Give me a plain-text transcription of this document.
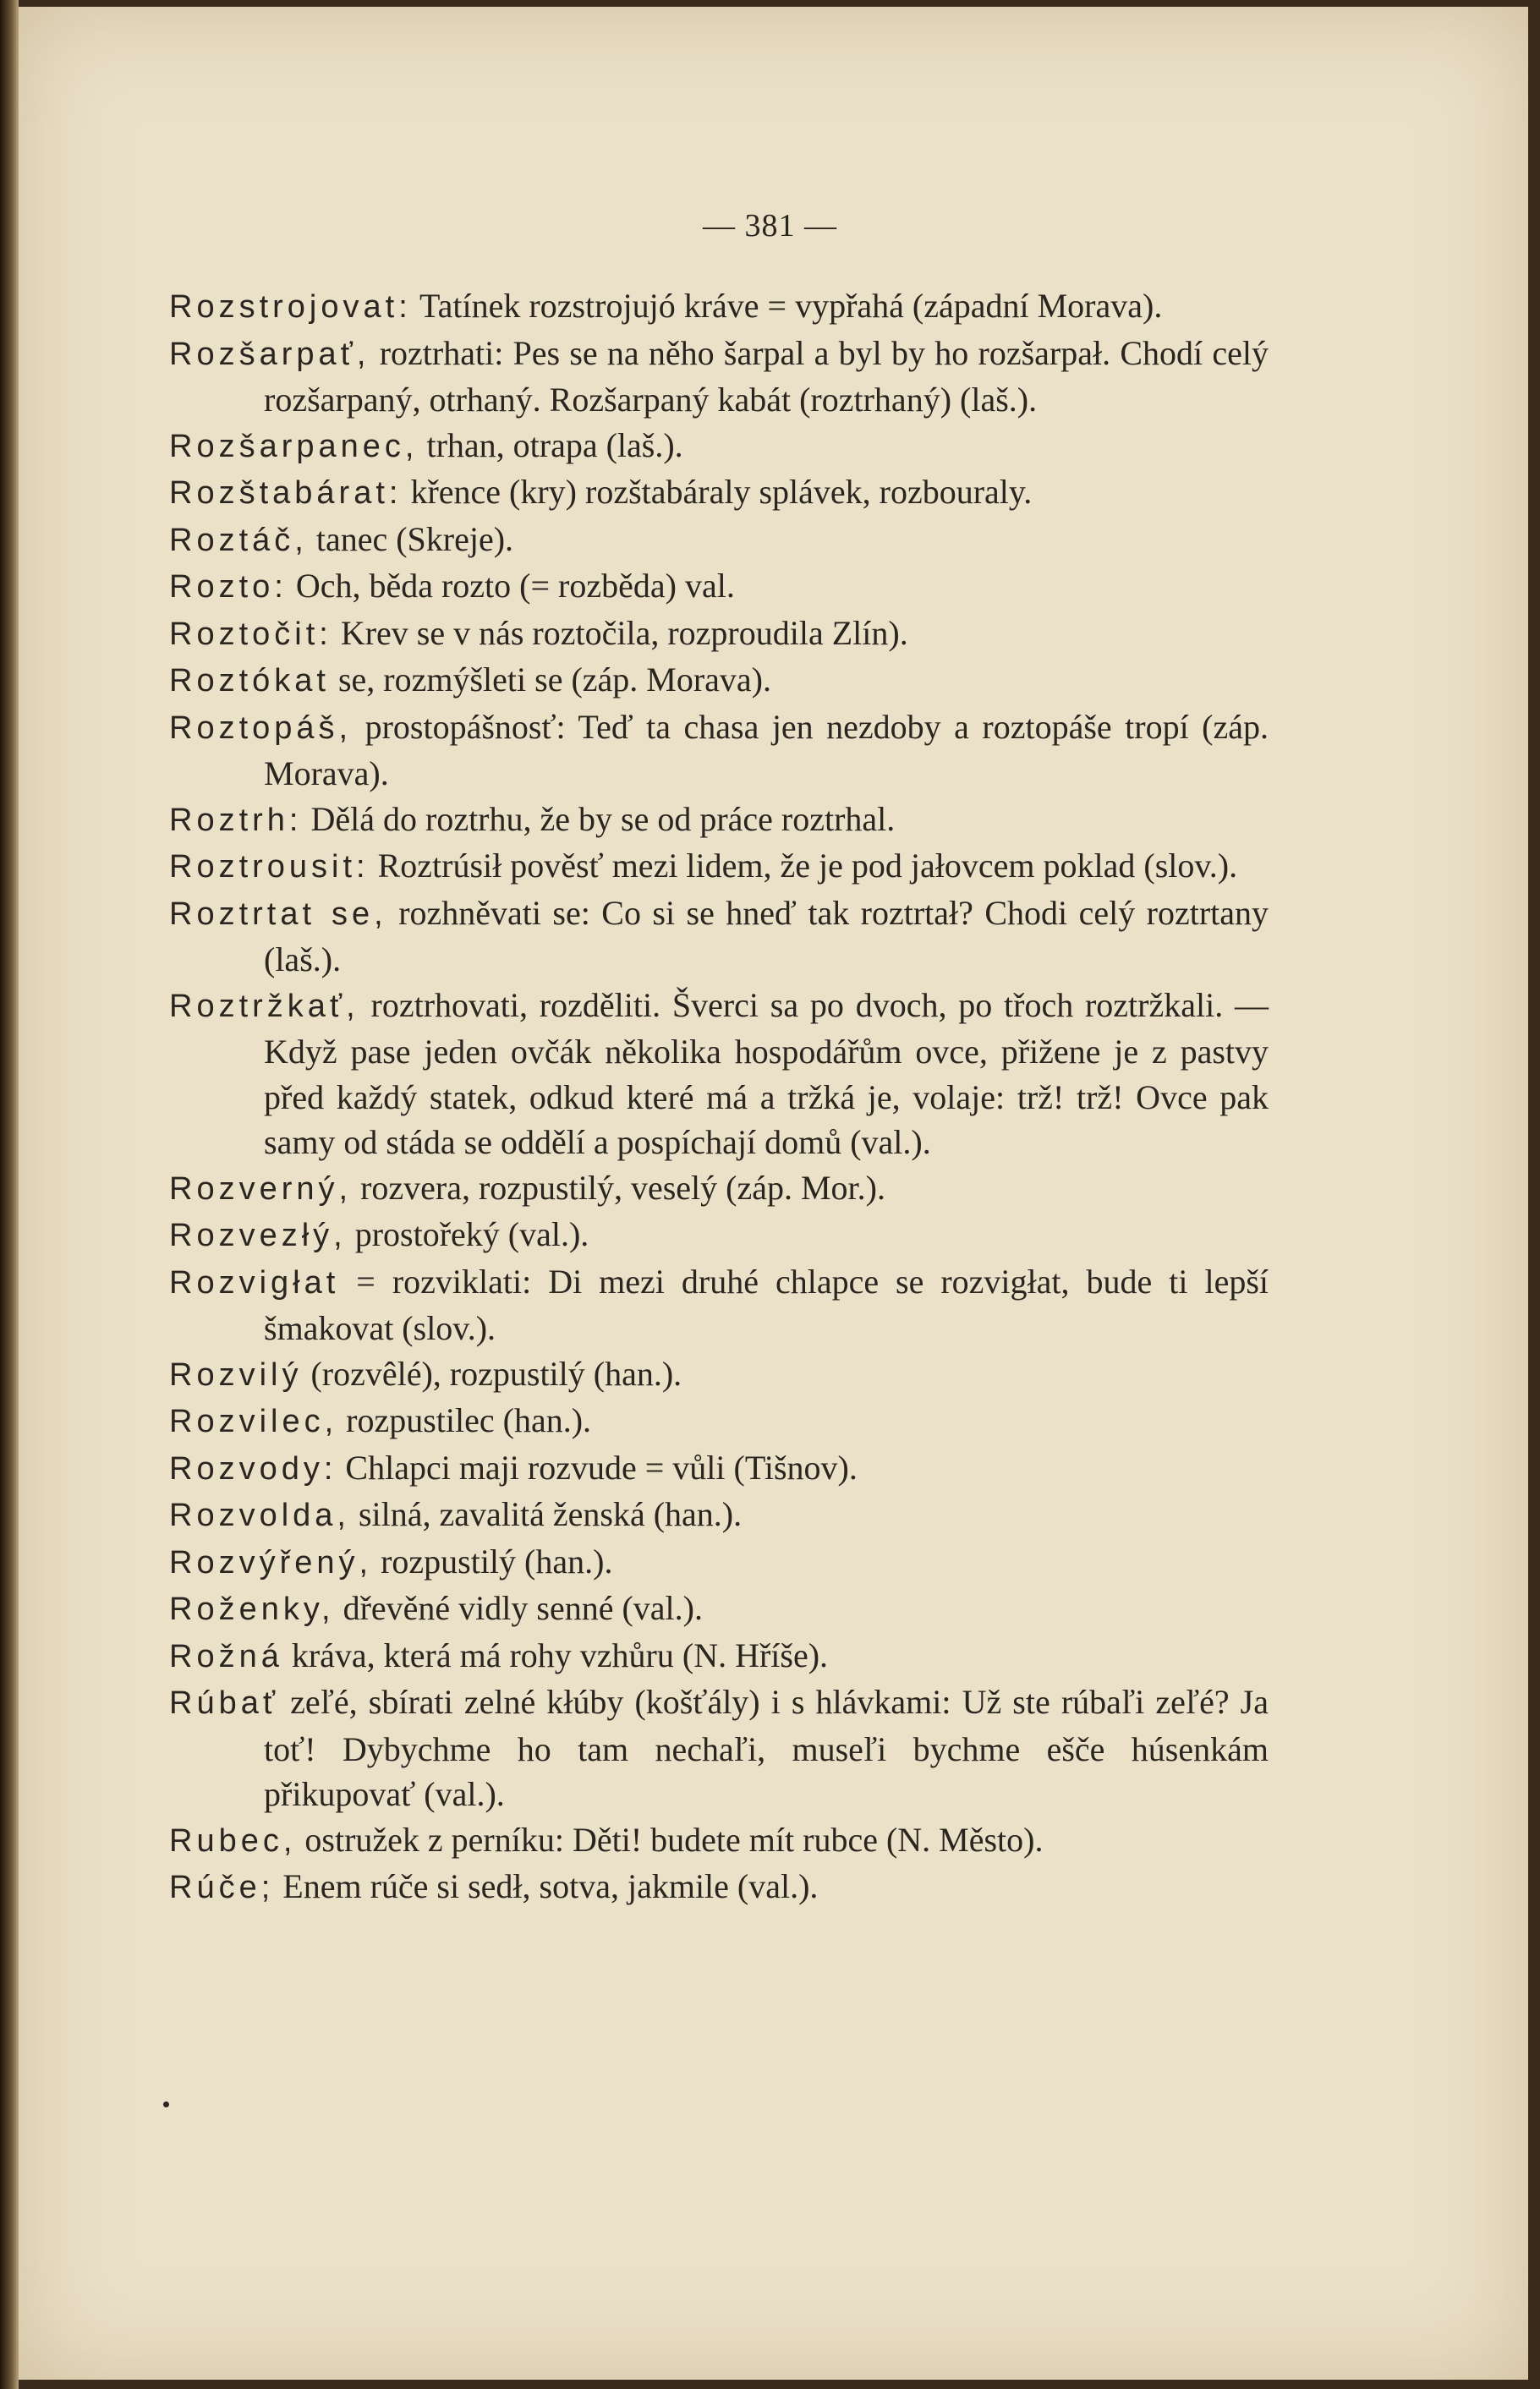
— 381 —
Rozstrojovat: Tatínek rozstrojujó kráve = vypřahá (západní Morava).
Rozšarpať, roztrhati: Pes se na něho šarpal a byl by ho rozšarpał. Chodí celý rozšarpaný, otrhaný. Rozšarpaný kabát (roztrhaný) (laš.).
Rozšarpanec, trhan, otrapa (laš.).
Rozštabárat: křence (kry) rozštabáraly splávek, rozbouraly.
Roztáč, tanec (Skreje).
Rozto: Och, běda rozto (= rozběda) val.
Roztočit: Krev se v nás roztočila, rozproudila Zlín).
Roztókat se, rozmýšleti se (záp. Morava).
Roztopáš, prostopášnosť: Teď ta chasa jen nezdoby a roztopáše tropí (záp. Morava).
Roztrh: Dělá do roztrhu, že by se od práce roztrhal.
Roztrousit: Roztrúsił pověsť mezi lidem, že je pod jałovcem poklad (slov.).
Roztrtat se, rozhněvati se: Co si se hneď tak roztrtał? Chodi celý roztrtany (laš.).
Roztržkať, roztrhovati, rozděliti. Šverci sa po dvoch, po třoch roztržkali. — Když pase jeden ovčák několika hospodářům ovce, přižene je z pastvy před každý statek, odkud které má a tržká je, volaje: trž! trž! Ovce pak samy od stáda se oddělí a pospíchají domů (val.).
Rozverný, rozvera, rozpustilý, veselý (záp. Mor.).
Rozvezłý, prostořeký (val.).
Rozvigłat = rozviklati: Di mezi druhé chlapce se rozvigłat, bude ti lepší šmakovat (slov.).
Rozvilý (rozvêlé), rozpustilý (han.).
Rozvilec, rozpustilec (han.).
Rozvody: Chlapci maji rozvude = vůli (Tišnov).
Rozvolda, silná, zavalitá ženská (han.).
Rozvýřený, rozpustilý (han.).
Roženky, dřevěné vidly senné (val.).
Rožná kráva, která má rohy vzhůru (N. Hříše).
Rúbať zeľé, sbírati zelné kłúby (košťály) i s hlávkami: Už ste rúbaľi zeľé? Ja toť! Dybychme ho tam nechaľi, museľi bychme ešče húsenkám přikupovať (val.).
Rubec, ostružek z perníku: Děti! budete mít rubce (N. Město).
Rúče; Enem rúče si sedł, sotva, jakmile (val.).
